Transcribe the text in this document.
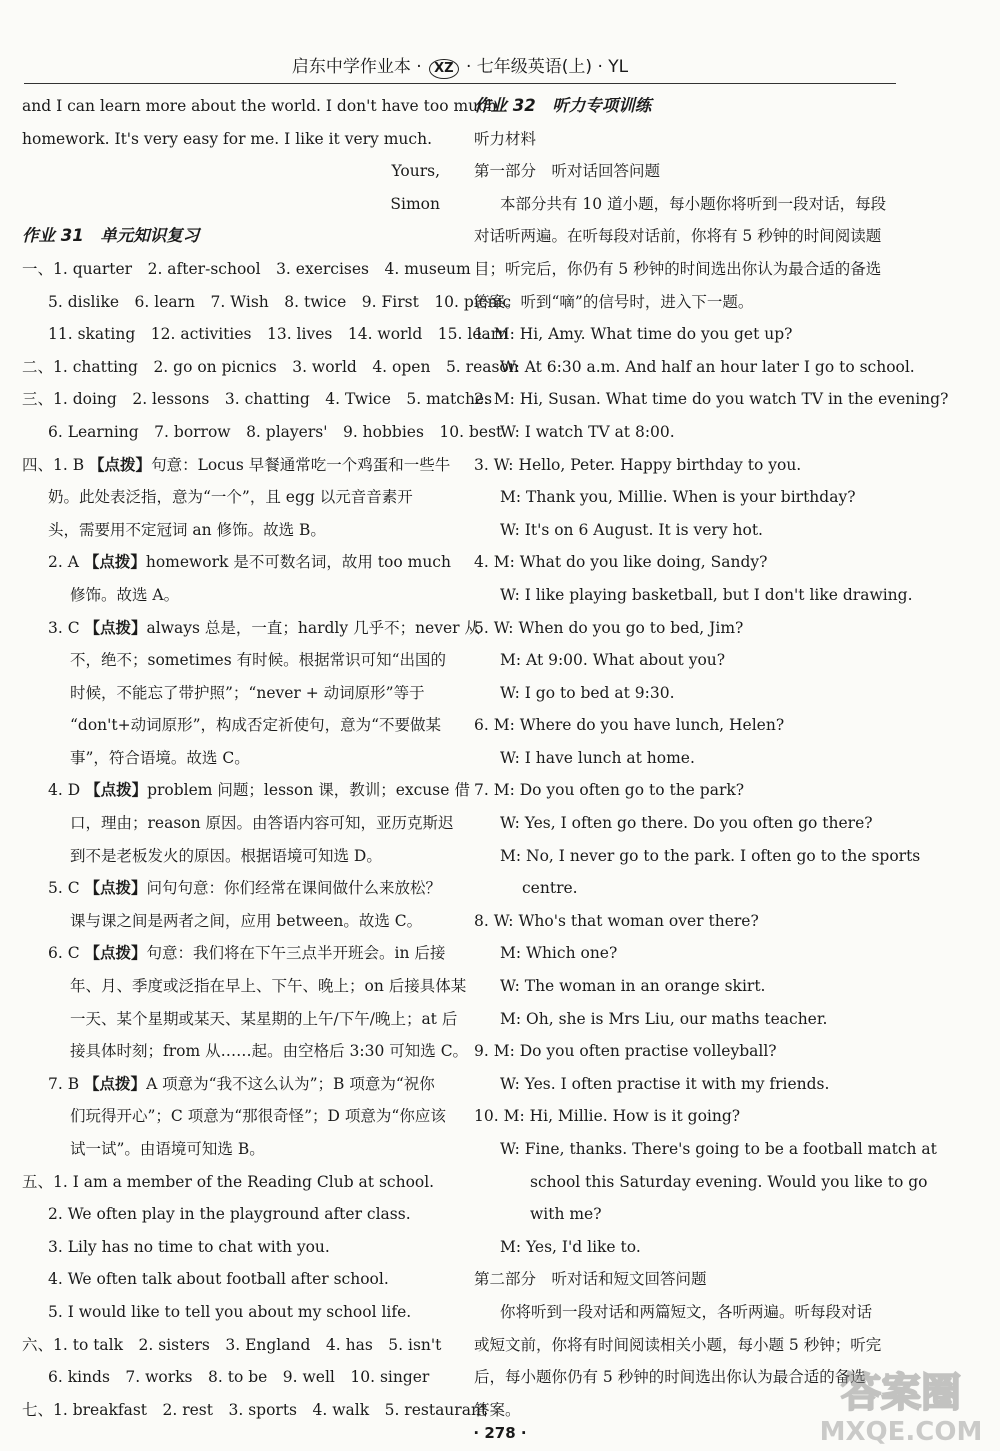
启东中学作业本 · XZ · 七年级英语(上) · YL
and I can learn more about the world. I don't have too much
homework. It's very easy for me. I like it very much.
Yours,
Simon
作业 31　单元知识复习
一、1. quarter　2. after-school　3. exercises　4. museum
5. dislike　6. learn　7. Wish　8. twice　9. First　10. picnic
11. skating　12. activities　13. lives　14. world　15. learn
二、1. chatting　2. go on picnics　3. world　4. open　5. reason
三、1. doing　2. lessons　3. chatting　4. Twice　5. matches
6. Learning　7. borrow　8. players'　9. hobbies　10. best
四、1. B 【点拨】句意：Locus 早餐通常吃一个鸡蛋和一些牛
奶。此处表泛指，意为“一个”，且 egg 以元音音素开
头，需要用不定冠词 an 修饰。故选 B。
2. A 【点拨】homework 是不可数名词，故用 too much
修饰。故选 A。
3. C 【点拨】always 总是，一直；hardly 几乎不；never 从
不，绝不；sometimes 有时候。根据常识可知“出国的
时候，不能忘了带护照”；“never + 动词原形”等于
“don't+动词原形”，构成否定祈使句，意为“不要做某
事”，符合语境。故选 C。
4. D 【点拨】problem 问题；lesson 课，教训；excuse 借
口，理由；reason 原因。由答语内容可知，亚历克斯迟
到不是老板发火的原因。根据语境可知选 D。
5. C 【点拨】问句句意：你们经常在课间做什么来放松？
课与课之间是两者之间，应用 between。故选 C。
6. C 【点拨】句意：我们将在下午三点半开班会。in 后接
年、月、季度或泛指在早上、下午、晚上；on 后接具体某
一天、某个星期或某天、某星期的上午/下午/晚上；at 后
接具体时刻；from 从……起。由空格后 3:30 可知选 C。
7. B 【点拨】A 项意为“我不这么认为”；B 项意为“祝你
们玩得开心”；C 项意为“那很奇怪”；D 项意为“你应该
试一试”。由语境可知选 B。
五、1. I am a member of the Reading Club at school.
2. We often play in the playground after class.
3. Lily has no time to chat with you.
4. We often talk about football after school.
5. I would like to tell you about my school life.
六、1. to talk　2. sisters　3. England　4. has　5. isn't
6. kinds　7. works　8. to be　9. well　10. singer
七、1. breakfast　2. rest　3. sports　4. walk　5. restaurant
作业 32　听力专项训练
听力材料
第一部分　听对话回答问题
本部分共有 10 道小题，每小题你将听到一段对话，每段
对话听两遍。在听每段对话前，你将有 5 秒钟的时间阅读题
目；听完后，你仍有 5 秒钟的时间选出你认为最合适的备选
答案。听到“嘀”的信号时，进入下一题。
1. M: Hi, Amy. What time do you get up?
W: At 6:30 a.m. And half an hour later I go to school.
2. M: Hi, Susan. What time do you watch TV in the evening?
W: I watch TV at 8:00.
3. W: Hello, Peter. Happy birthday to you.
M: Thank you, Millie. When is your birthday?
W: It's on 6 August. It is very hot.
4. M: What do you like doing, Sandy?
W: I like playing basketball, but I don't like drawing.
5. W: When do you go to bed, Jim?
M: At 9:00. What about you?
W: I go to bed at 9:30.
6. M: Where do you have lunch, Helen?
W: I have lunch at home.
7. M: Do you often go to the park?
W: Yes, I often go there. Do you often go there?
M: No, I never go to the park. I often go to the sports
centre.
8. W: Who's that woman over there?
M: Which one?
W: The woman in an orange skirt.
M: Oh, she is Mrs Liu, our maths teacher.
9. M: Do you often practise volleyball?
W: Yes. I often practise it with my friends.
10. M: Hi, Millie. How is it going?
W: Fine, thanks. There's going to be a football match at
school this Saturday evening. Would you like to go
with me?
M: Yes, I'd like to.
第二部分　听对话和短文回答问题
你将听到一段对话和两篇短文，各听两遍。听每段对话
或短文前，你将有时间阅读相关小题，每小题 5 秒钟；听完
后，每小题你仍有 5 秒钟的时间选出你认为最合适的备选
答案。
· 278 ·
答案圈
MXQE.COM
